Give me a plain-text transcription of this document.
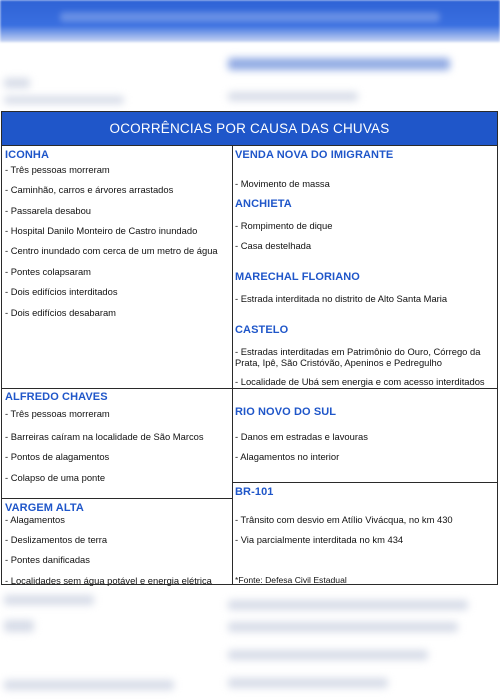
OCORRÊNCIAS POR CAUSA DAS CHUVAS
ICONHA
- Três pessoas morreram
- Caminhão, carros e árvores arrastados
- Passarela desabou
- Hospital Danilo Monteiro de Castro inundado
- Centro inundado com cerca de um metro de água
- Pontes colapsaram
- Dois edifícios interditados
- Dois edifícios desabaram
ALFREDO CHAVES
- Três pessoas morreram
- Barreiras caíram na localidade de São Marcos
- Pontos de alagamentos
- Colapso de uma ponte
VARGEM ALTA
- Alagamentos
- Deslizamentos de terra
- Pontes danificadas
- Localidades sem água potável e energia elétrica
VENDA NOVA DO IMIGRANTE
- Movimento de massa
ANCHIETA
- Rompimento de dique
- Casa destelhada
MARECHAL FLORIANO
- Estrada interditada no distrito de Alto Santa Maria
CASTELO
- Estradas interditadas em Patrimônio do Ouro, Córrego da Prata, Ipê, São Cristóvão, Apeninos e Pedregulho
- Localidade de Ubá sem energia e com acesso interditados
RIO NOVO DO SUL
- Danos em estradas e lavouras
- Alagamentos no interior
BR-101
- Trânsito com desvio em Atílio Vivácqua, no km 430
- Via parcialmente interditada no km 434
*Fonte: Defesa Civil Estadual
